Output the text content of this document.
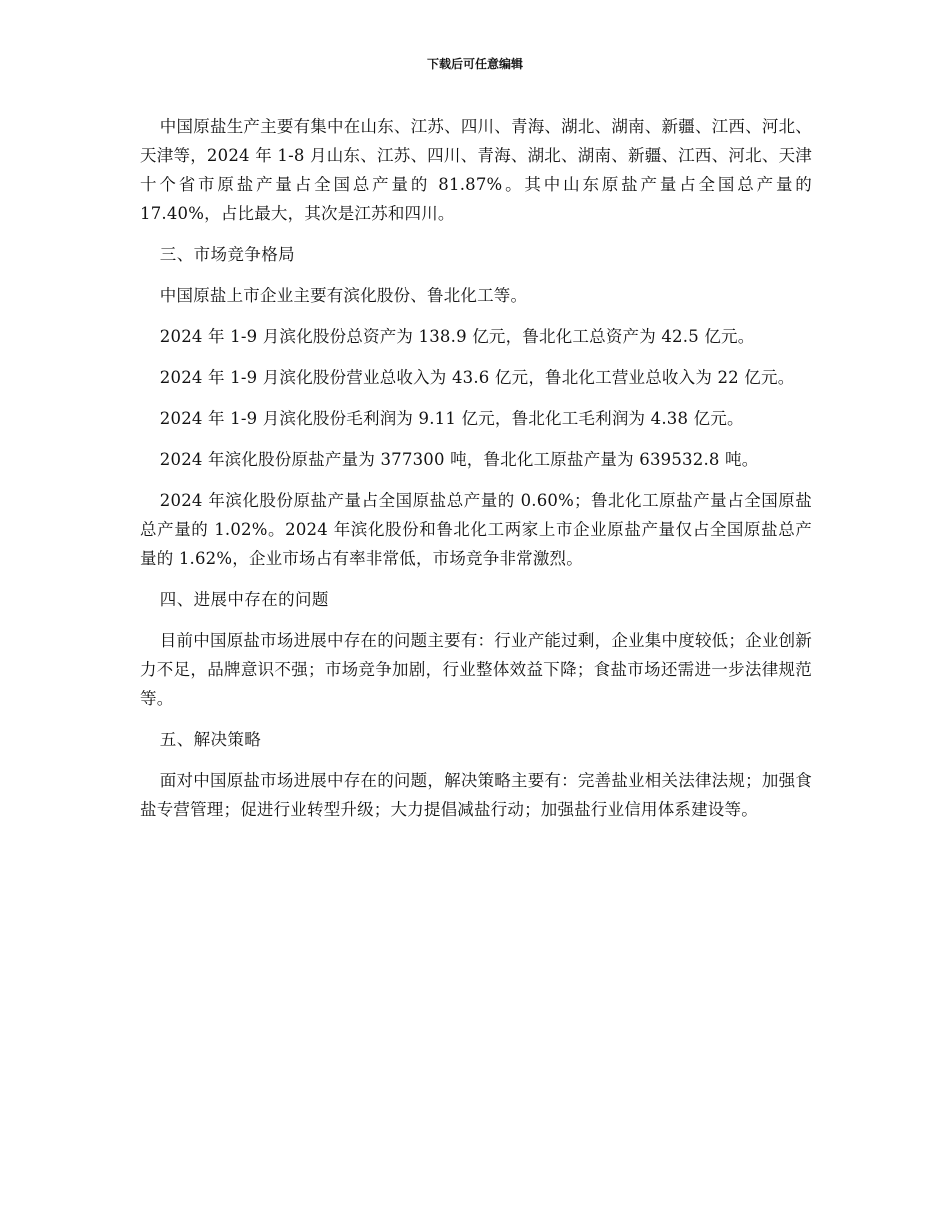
下载后可任意编辑

中国原盐生产主要有集中在山东、江苏、四川、青海、湖北、湖南、新疆、江西、河北、天津等，2024 年 1-8 月山东、江苏、四川、青海、湖北、湖南、新疆、江西、河北、天津十个省市原盐产量占全国总产量的 81.87%。其中山东原盐产量占全国总产量的 17.40%，占比最大，其次是江苏和四川。

三、市场竞争格局

中国原盐上市企业主要有滨化股份、鲁北化工等。

2024 年 1-9 月滨化股份总资产为 138.9 亿元，鲁北化工总资产为 42.5 亿元。

2024 年 1-9 月滨化股份营业总收入为 43.6 亿元，鲁北化工营业总收入为 22 亿元。

2024 年 1-9 月滨化股份毛利润为 9.11 亿元，鲁北化工毛利润为 4.38 亿元。

2024 年滨化股份原盐产量为 377300 吨，鲁北化工原盐产量为 639532.8 吨。

2024 年滨化股份原盐产量占全国原盐总产量的 0.60%；鲁北化工原盐产量占全国原盐总产量的 1.02%。2024 年滨化股份和鲁北化工两家上市企业原盐产量仅占全国原盐总产量的 1.62%，企业市场占有率非常低，市场竞争非常激烈。

四、进展中存在的问题

目前中国原盐市场进展中存在的问题主要有：行业产能过剩，企业集中度较低；企业创新力不足，品牌意识不强；市场竞争加剧，行业整体效益下降；食盐市场还需进一步法律规范等。

五、解决策略

面对中国原盐市场进展中存在的问题，解决策略主要有：完善盐业相关法律法规；加强食盐专营管理；促进行业转型升级；大力提倡减盐行动；加强盐行业信用体系建设等。
